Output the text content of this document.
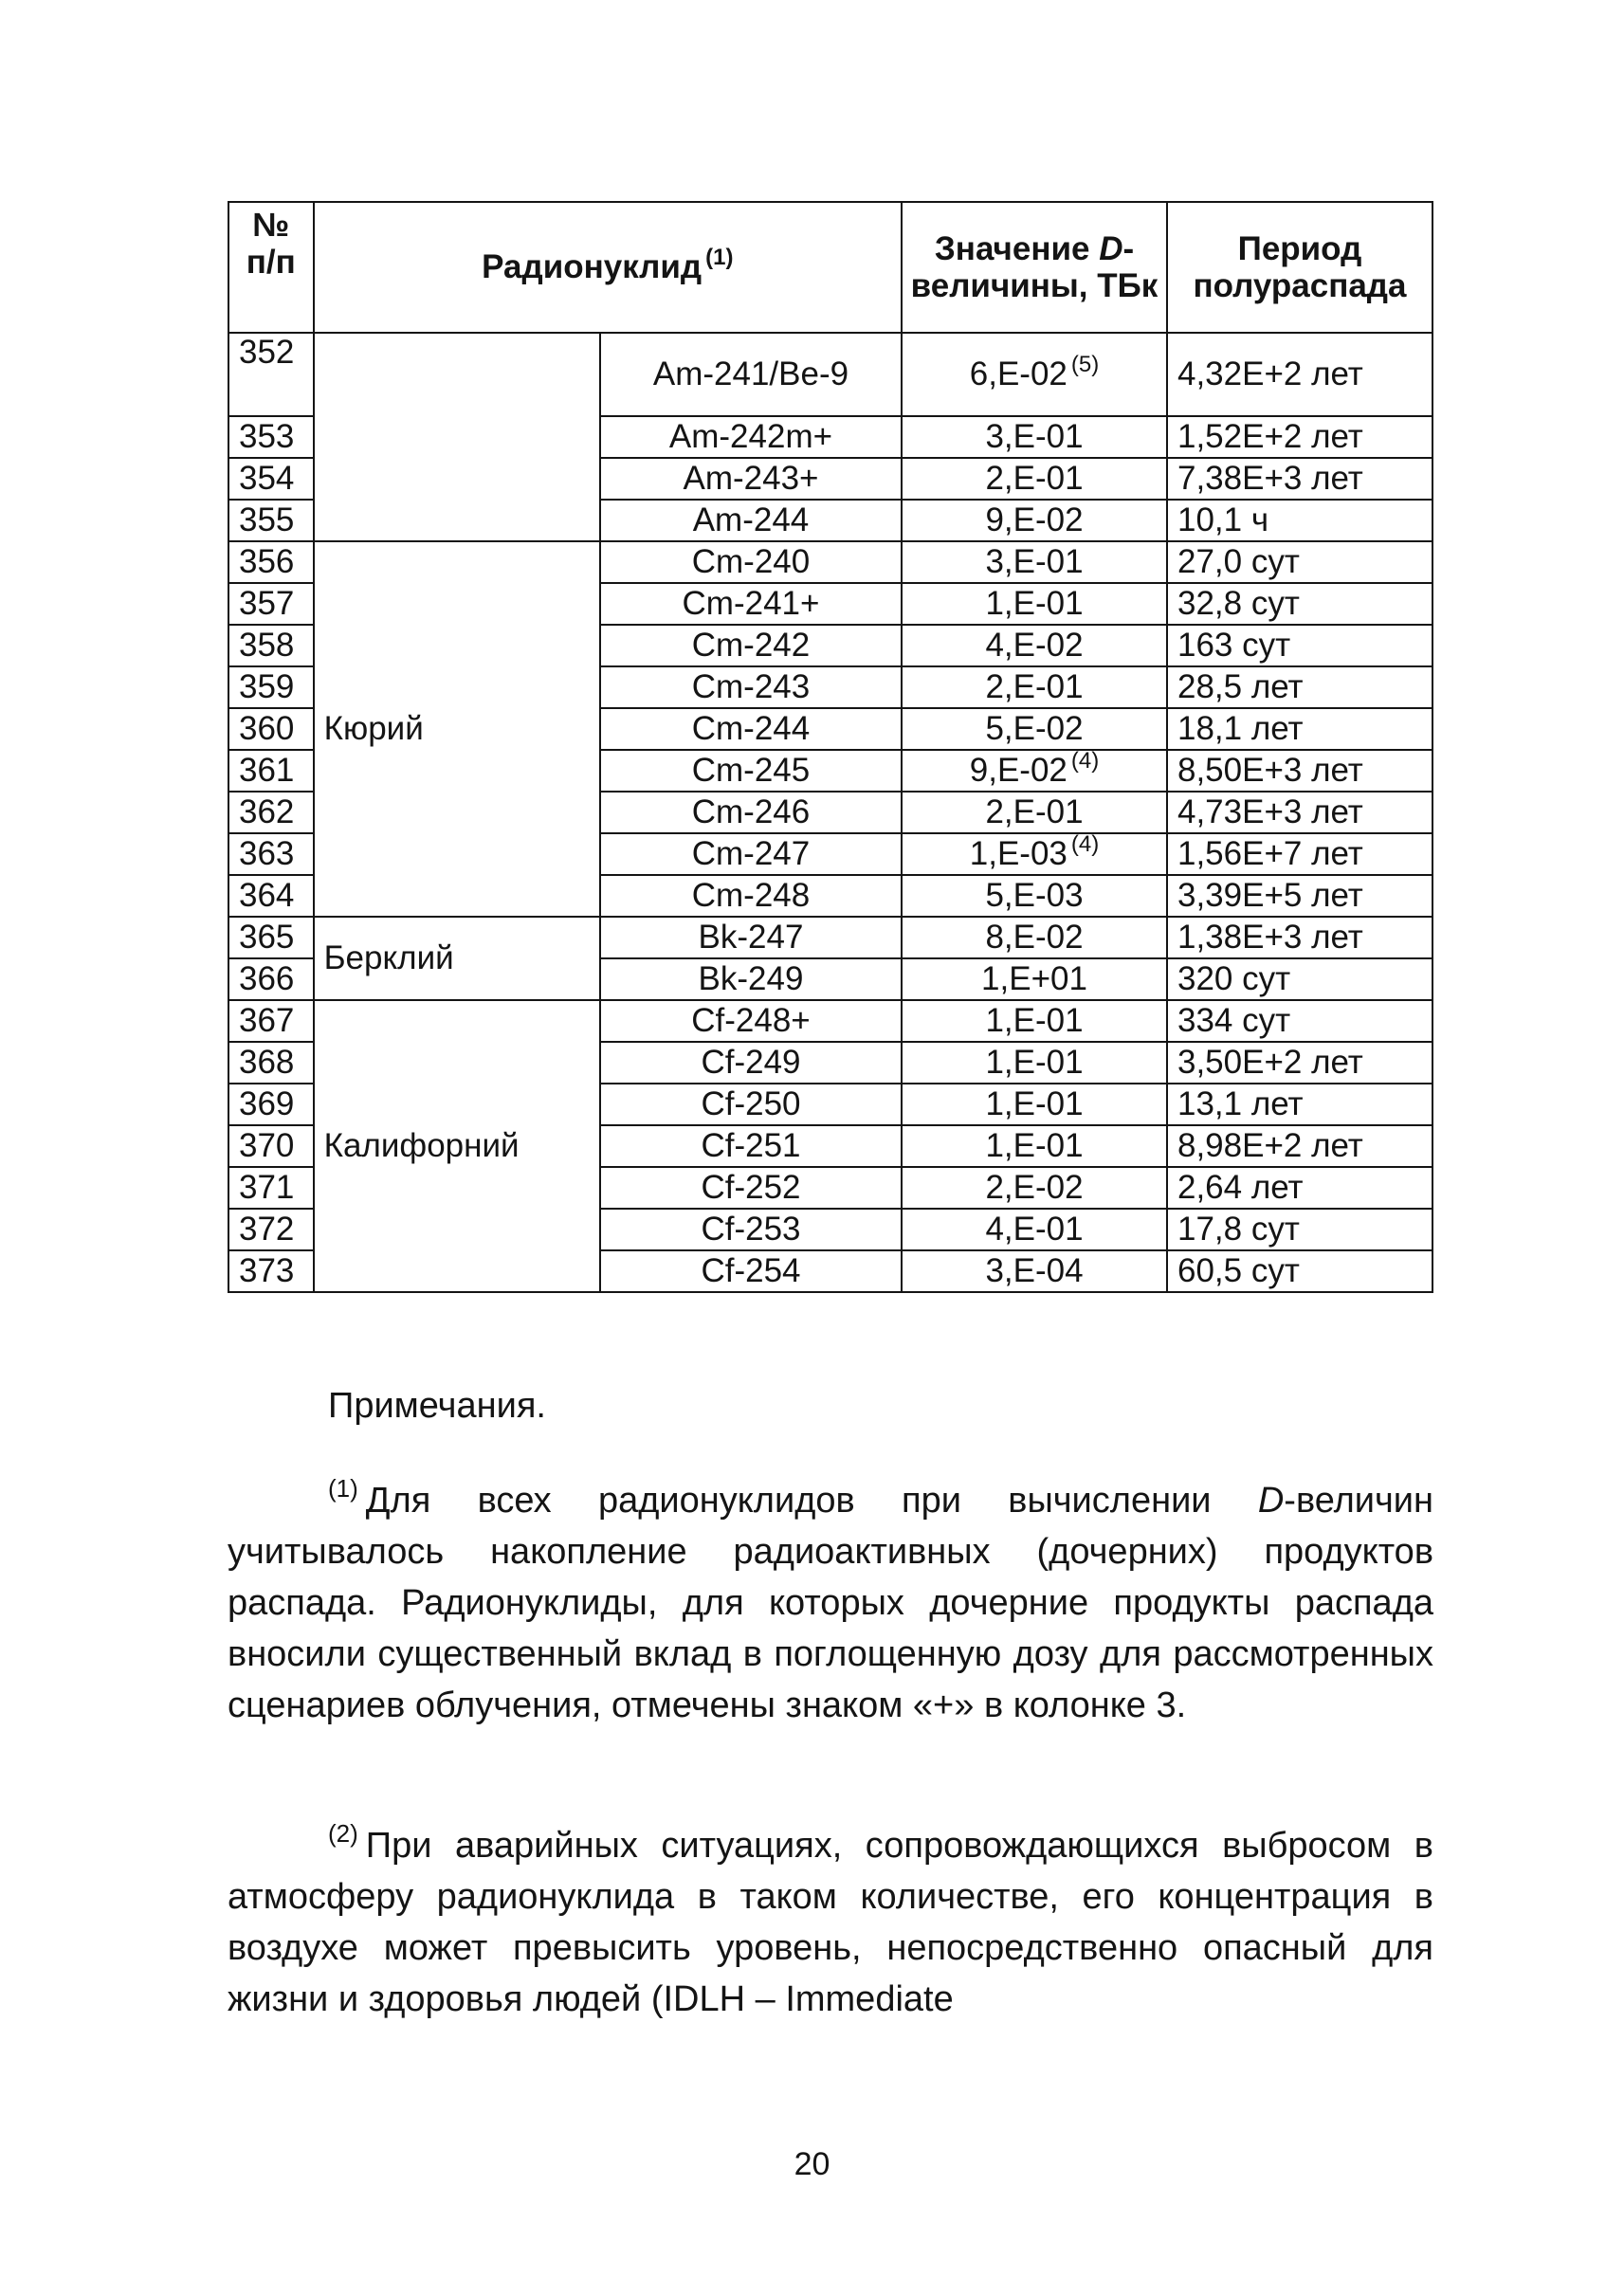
№ п/п	Радионуклид $^{(1)}$		Значение D-величины, ТБк	Период полураспада
352		Am-241/Be-9	6,E-02 $^{(5)}$	4,32E+2 лет
353		Am-242m+	3,E-01	1,52E+2 лет
354		Am-243+	2,E-01	7,38E+3 лет
355		Am-244	9,E-02	10,1 ч
356	Кюрий	Cm-240	3,E-01	27,0 сут
357		Cm-241+	1,E-01	32,8 сут
358		Cm-242	4,E-02	163 сут
359		Cm-243	2,E-01	28,5 лет
360		Cm-244	5,E-02	18,1 лет
361		Cm-245	9,E-02 $^{(4)}$	8,50E+3 лет
362		Cm-246	2,E-01	4,73E+3 лет
363		Cm-247	1,E-03 $^{(4)}$	1,56E+7 лет
364		Cm-248	5,E-03	3,39E+5 лет
365	Берклий	Bk-247	8,E-02	1,38E+3 лет
366		Bk-249	1,E+01	320 сут
367	Калифорний	Cf-248+	1,E-01	334 сут
368		Cf-249	1,E-01	3,50E+2 лет
369		Cf-250	1,E-01	13,1 лет
370		Cf-251	1,E-01	8,98E+2 лет
371		Cf-252	2,E-02	2,64 лет
372		Cf-253	4,E-01	17,8 сут
373		Cf-254	3,E-04	60,5 сут
Примечания.

$^{(1)}$ Для всех радионуклидов при вычислении D-величин учитывалось накопление радиоактивных (дочерних) продуктов распада. Радионуклиды, для которых дочерние продукты распада вносили существенный вклад в поглощенную дозу для рассмотренных сценариев облучения, отмечены знаком «+» в колонке 3.

$^{(2)}$ При аварийных ситуациях, сопровождающихся выбросом в атмосферу радионуклида в таком количестве, его концентрация в воздухе может превысить уровень, непосредственно опасный для жизни и здоровья людей (IDLH – Immediate

20
